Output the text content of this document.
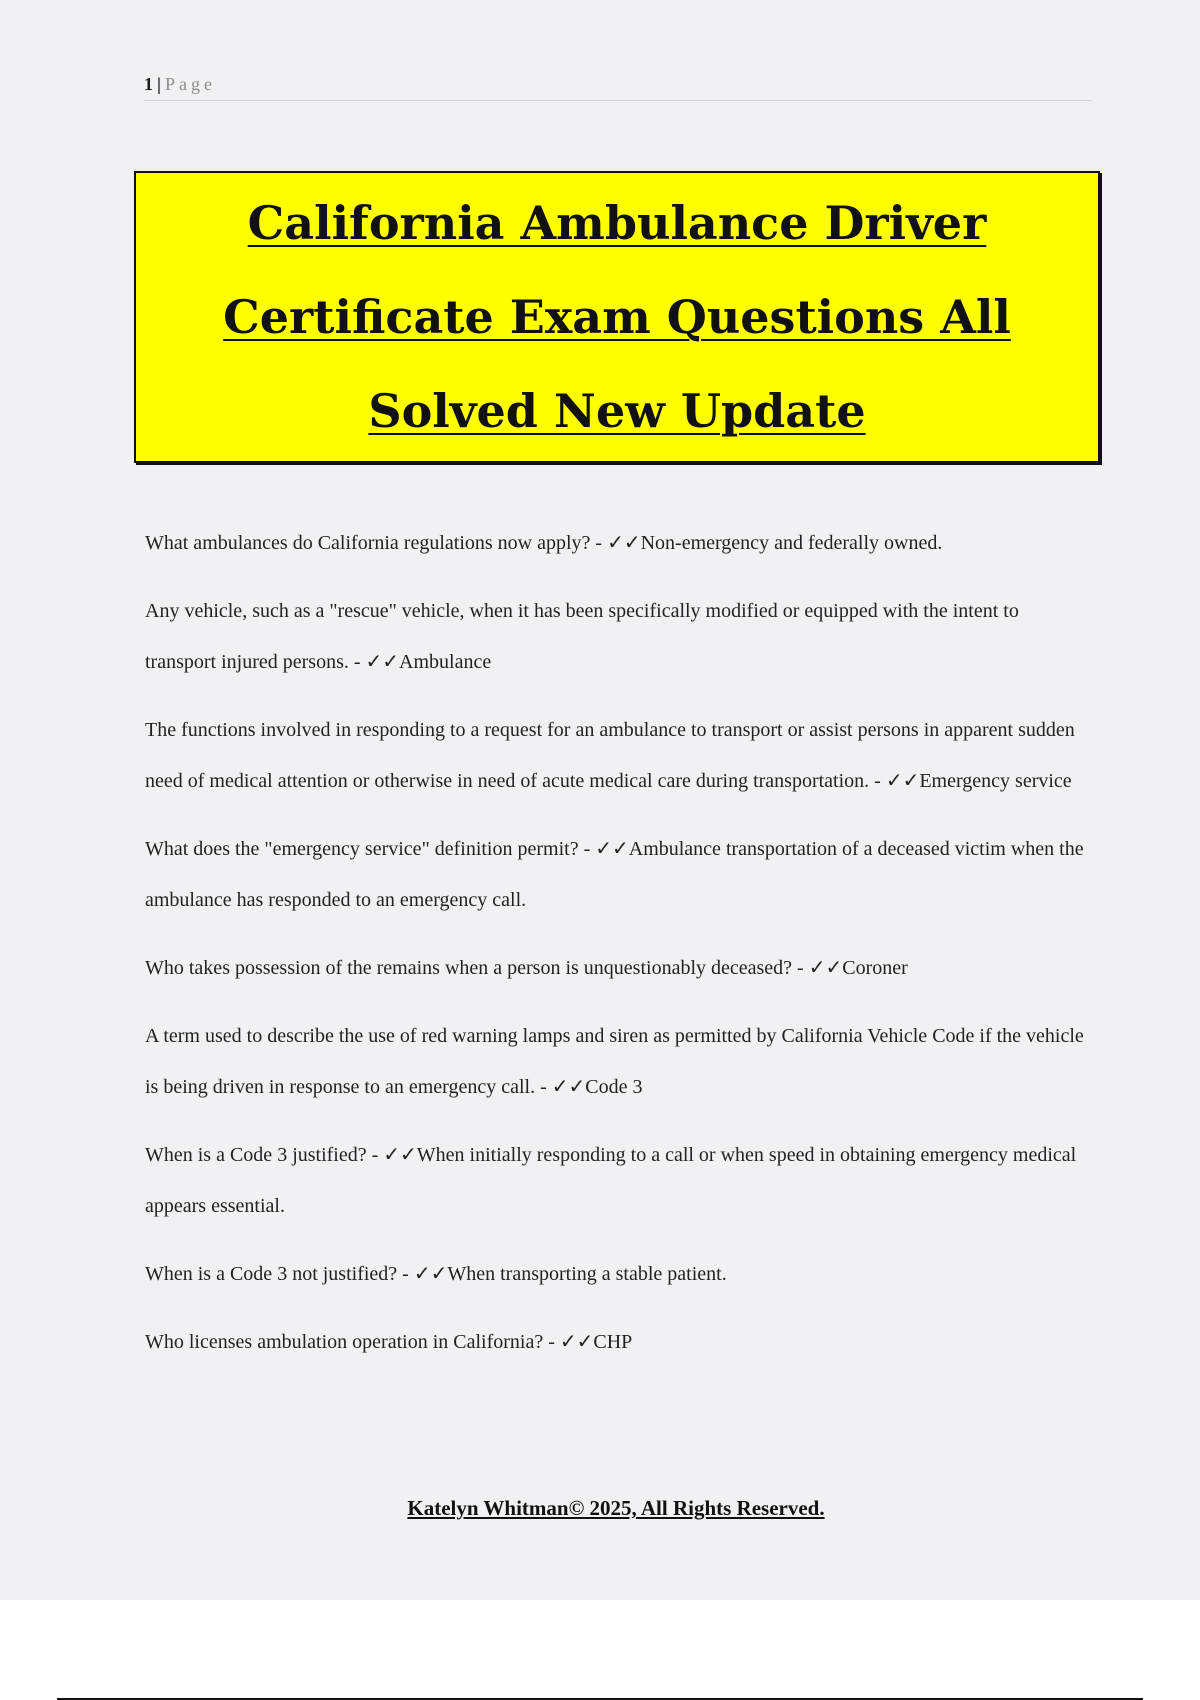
1 | Page
California Ambulance Driver Certificate Exam Questions All Solved New Update

What ambulances do California regulations now apply? - ✓✓Non-emergency and federally owned.

Any vehicle, such as a "rescue" vehicle, when it has been specifically modified or equipped with the intent to transport injured persons. - ✓✓Ambulance

The functions involved in responding to a request for an ambulance to transport or assist persons in apparent sudden need of medical attention or otherwise in need of acute medical care during transportation. - ✓✓Emergency service

What does the "emergency service" definition permit? - ✓✓Ambulance transportation of a deceased victim when the ambulance has responded to an emergency call.

Who takes possession of the remains when a person is unquestionably deceased? - ✓✓Coroner

A term used to describe the use of red warning lamps and siren as permitted by California Vehicle Code if the vehicle is being driven in response to an emergency call. - ✓✓Code 3

When is a Code 3 justified? - ✓✓When initially responding to a call or when speed in obtaining emergency medical appears essential.

When is a Code 3 not justified? - ✓✓When transporting a stable patient.

Who licenses ambulation operation in California? - ✓✓CHP

Katelyn Whitman© 2025, All Rights Reserved.
